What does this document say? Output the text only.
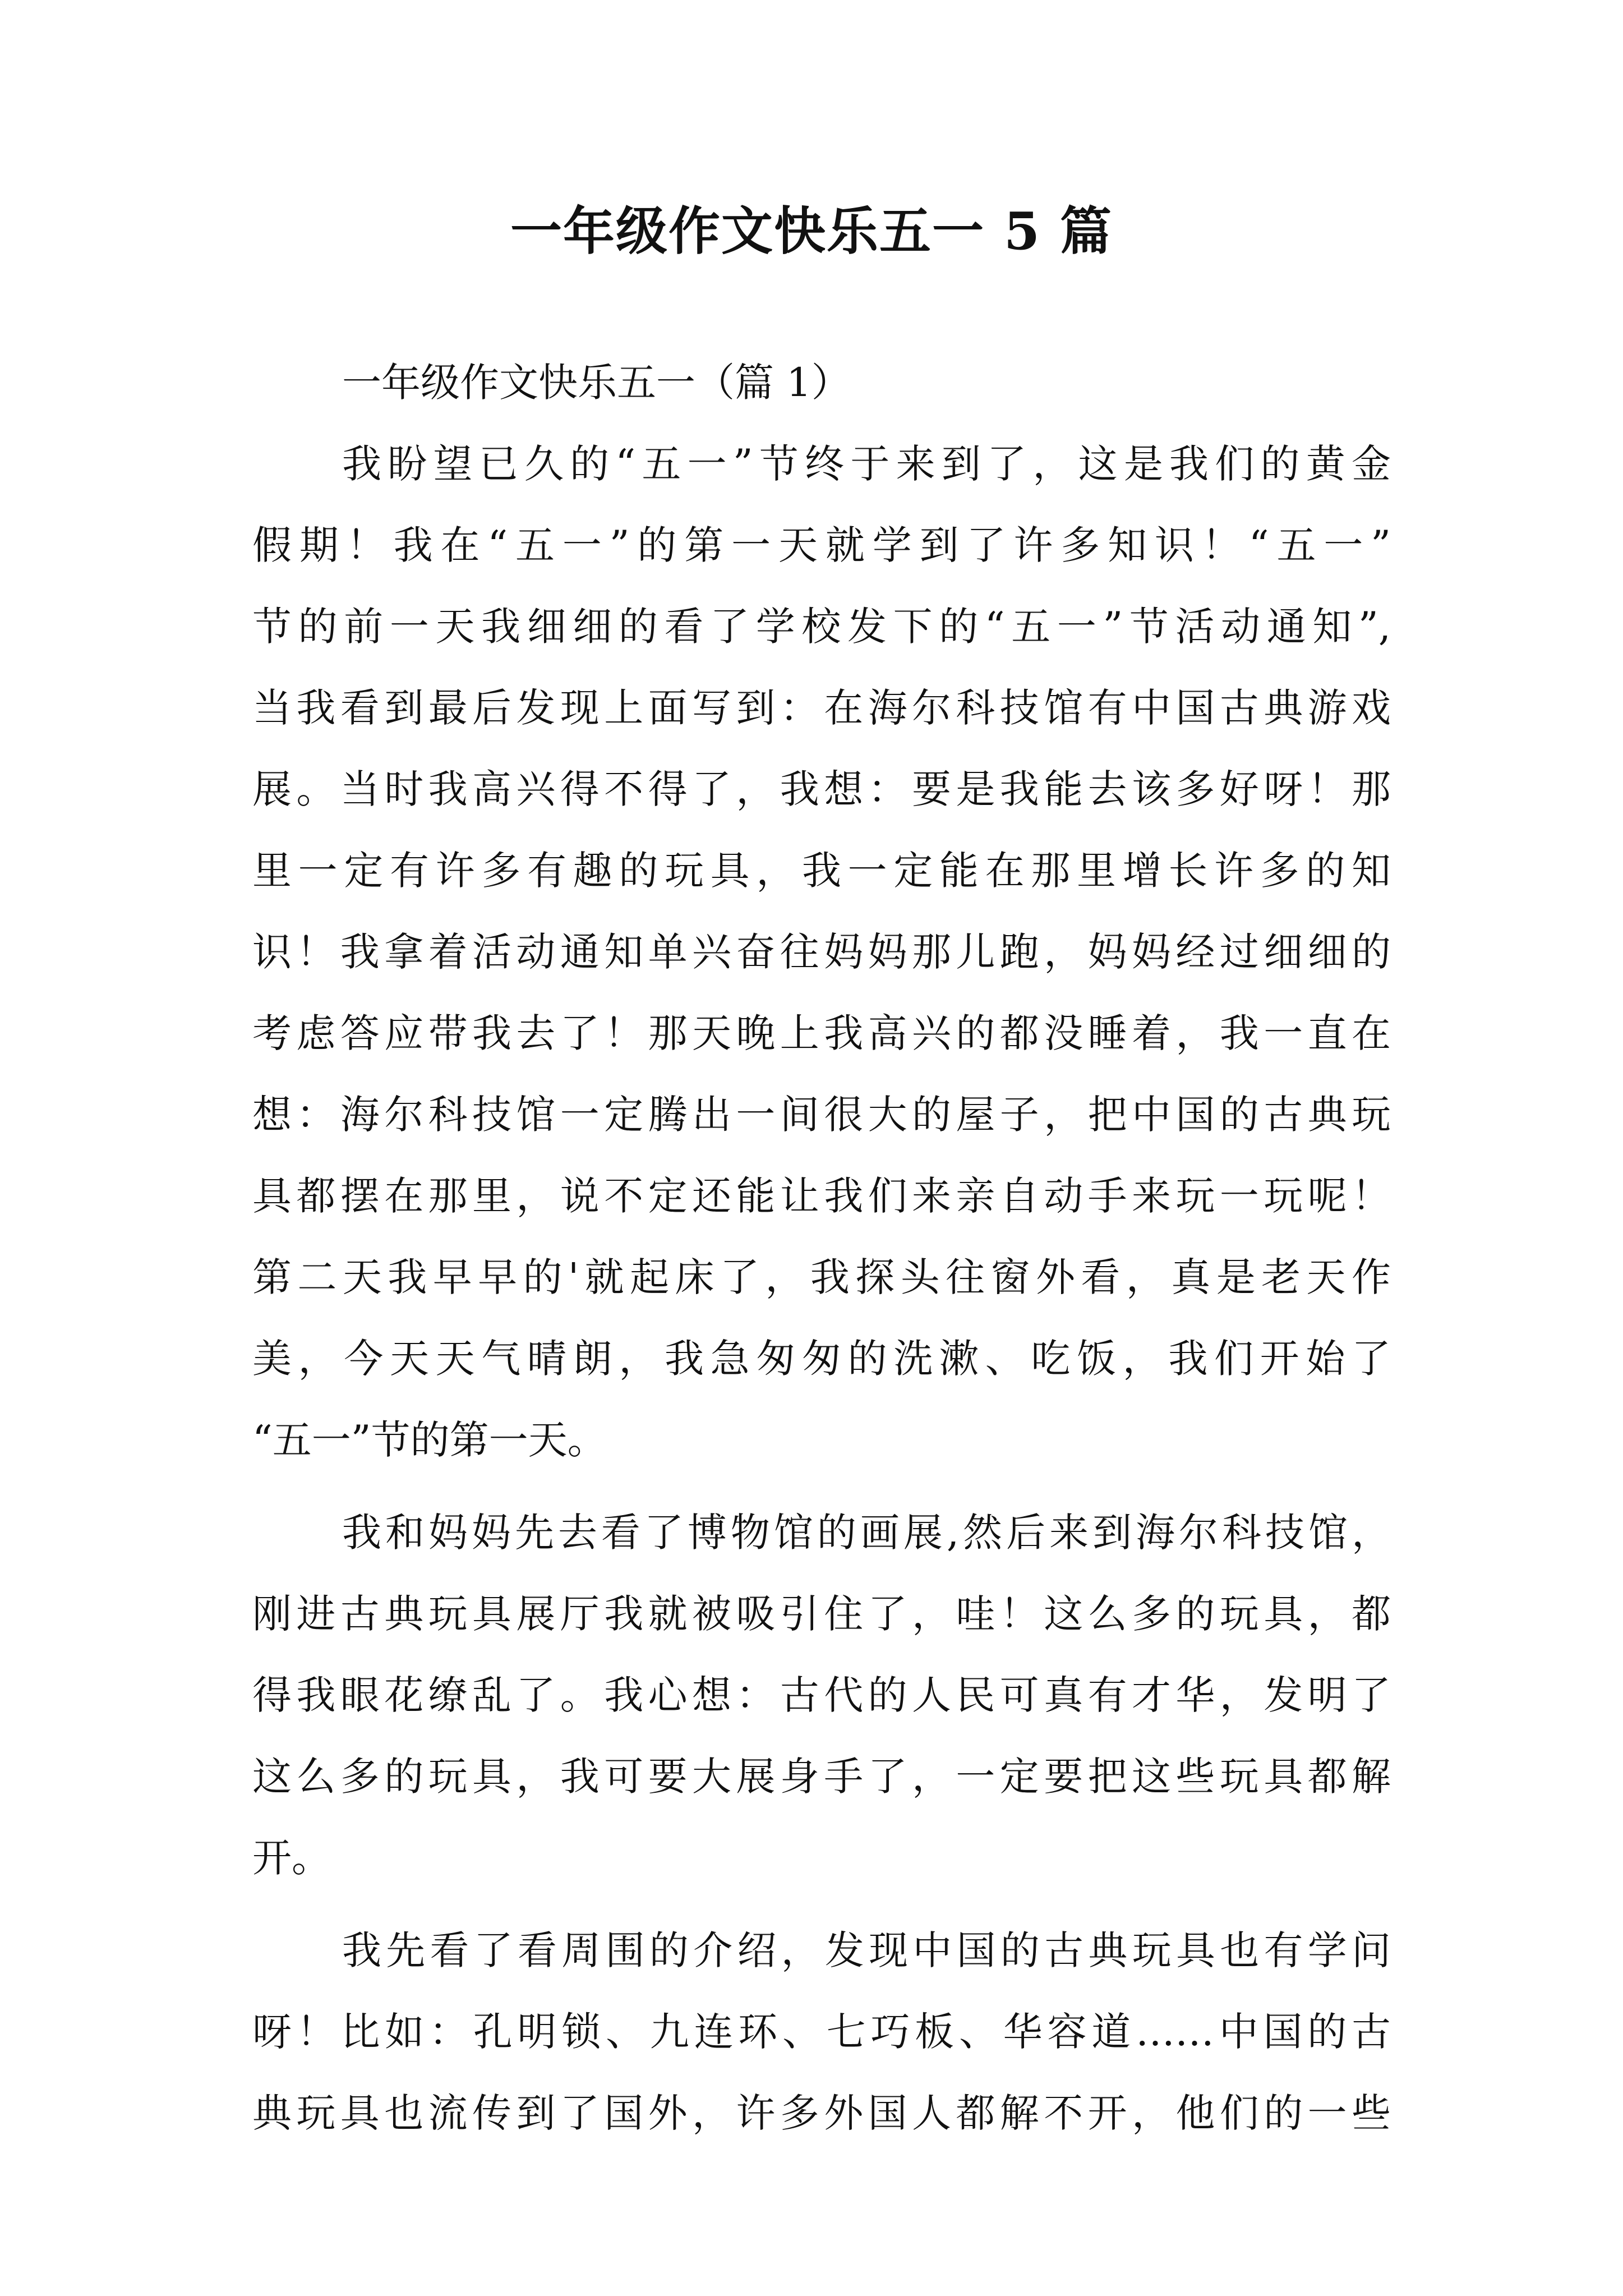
一年级作文快乐五一 5 篇
一年级作文快乐五一（篇 1）
我盼望已久的“五一”节终于来到了，这是我们的黄金
假期！我在“五一”的第一天就学到了许多知识！“五一”
节的前一天我细细的看了学校发下的“五一”节活动通知”,
当我看到最后发现上面写到：在海尔科技馆有中国古典游戏
展。当时我高兴得不得了，我想：要是我能去该多好呀！那
里一定有许多有趣的玩具，我一定能在那里增长许多的知
识！我拿着活动通知单兴奋往妈妈那儿跑，妈妈经过细细的
考虑答应带我去了！那天晚上我高兴的都没睡着，我一直在
想：海尔科技馆一定腾出一间很大的屋子，把中国的古典玩
具都摆在那里，说不定还能让我们来亲自动手来玩一玩呢！
第二天我早早的'就起床了，我探头往窗外看，真是老天作
美，今天天气晴朗，我急匆匆的洗漱、吃饭，我们开始了
“五一”节的第一天。
我和妈妈先去看了博物馆的画展,然后来到海尔科技馆，
刚进古典玩具展厅我就被吸引住了，哇！这么多的玩具，都
得我眼花缭乱了。我心想：古代的人民可真有才华，发明了
这么多的玩具，我可要大展身手了，一定要把这些玩具都解
开。
我先看了看周围的介绍，发现中国的古典玩具也有学问
呀！比如：孔明锁、九连环、七巧板、华容道……中国的古
典玩具也流传到了国外，许多外国人都解不开，他们的一些
